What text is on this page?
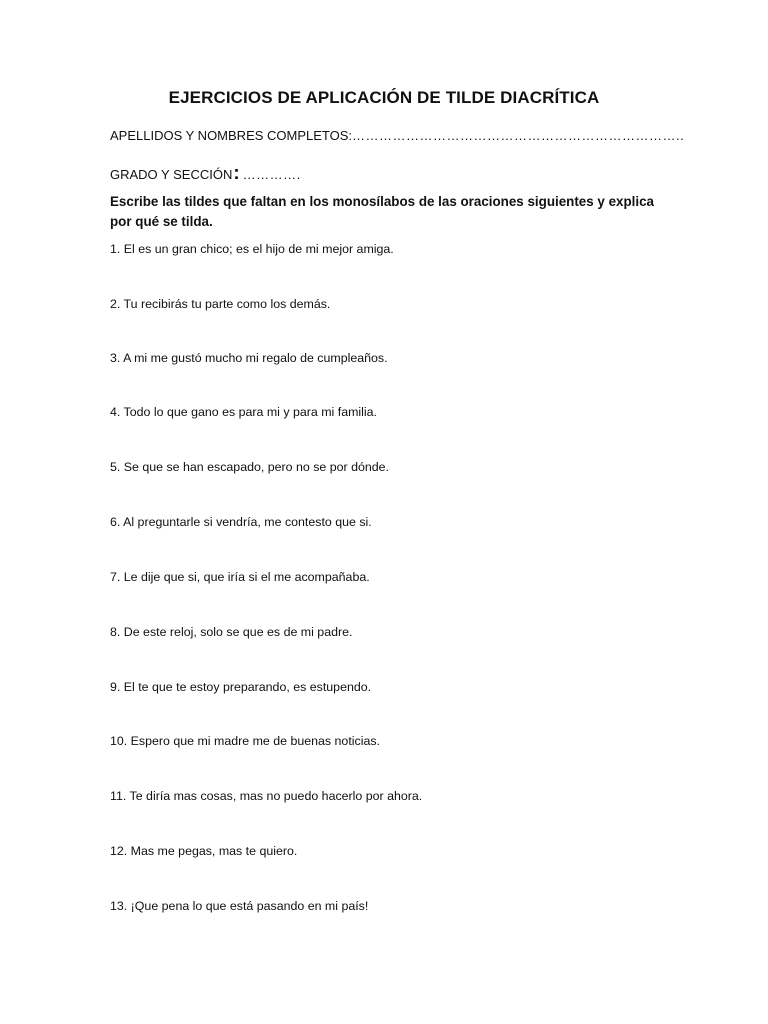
EJERCICIOS DE APLICACIÓN DE TILDE DIACRÍTICA
APELLIDOS Y NOMBRES COMPLETOS:………………………………………………………………..
GRADO Y SECCIÓN: ………….
Escribe las tildes que faltan en los monosílabos de las oraciones siguientes y explica por qué se tilda.
1. El es un gran chico; es el hijo de mi mejor amiga.
2. Tu recibirás tu parte como los demás.
3. A mi me gustó mucho mi regalo de cumpleaños.
4. Todo lo que gano es para mi y para mi familia.
5. Se que se han escapado, pero no se por dónde.
6. Al preguntarle si vendría, me contesto que si.
7. Le dije que si, que iría si el me acompañaba.
8. De este reloj, solo se que es de mi padre.
9. El te que te estoy preparando, es estupendo.
10. Espero que mi madre me de buenas noticias.
11. Te diría mas cosas, mas no puedo hacerlo por ahora.
12. Mas me pegas, mas te quiero.
13. ¡Que pena lo que está pasando en mi país!
